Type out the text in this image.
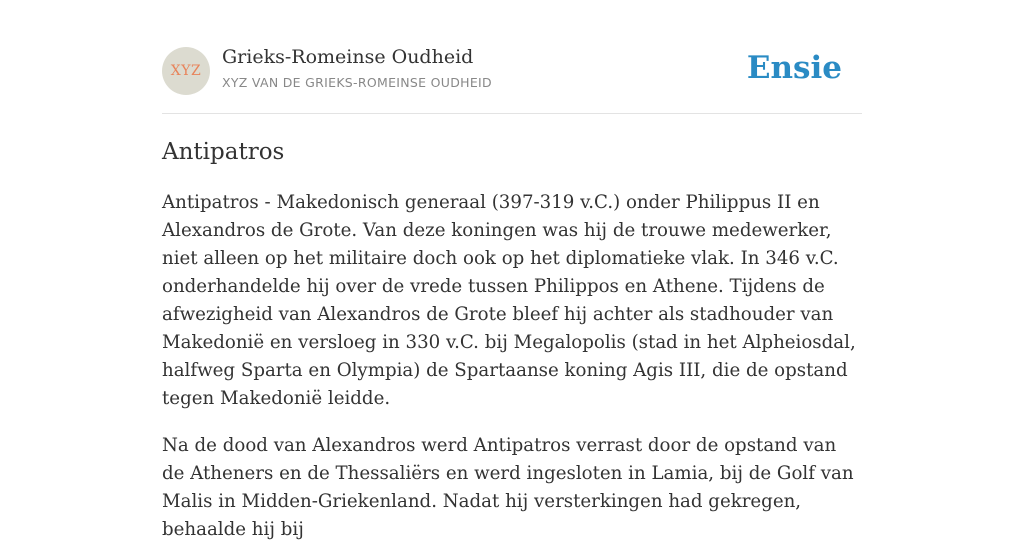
XYZ
Grieks-Romeinse Oudheid
XYZ VAN DE GRIEKS-ROMEINSE OUDHEID	Ensie
Antipatros

Antipatros - Makedonisch generaal (397-319 v.C.) onder Philippus II en Alexandros de Grote. Van deze koningen was hij de trouwe medewerker, niet alleen op het militaire doch ook op het diplomatieke vlak. In 346 v.C. onderhandelde hij over de vrede tussen Philippos en Athene. Tijdens de afwezigheid van Alexandros de Grote bleef hij achter als stadhouder van Makedonië en versloeg in 330 v.C. bij Megalopolis (stad in het Alpheiosdal, halfweg Sparta en Olympia) de Spartaanse koning Agis III, die de opstand tegen Makedonië leidde.

Na de dood van Alexandros werd Antipatros verrast door de opstand van de Atheners en de Thessaliërs en werd ingesloten in Lamia, bij de Golf van Malis in Midden-Griekenland. Nadat hij versterkingen had gekregen, behaalde hij bij
